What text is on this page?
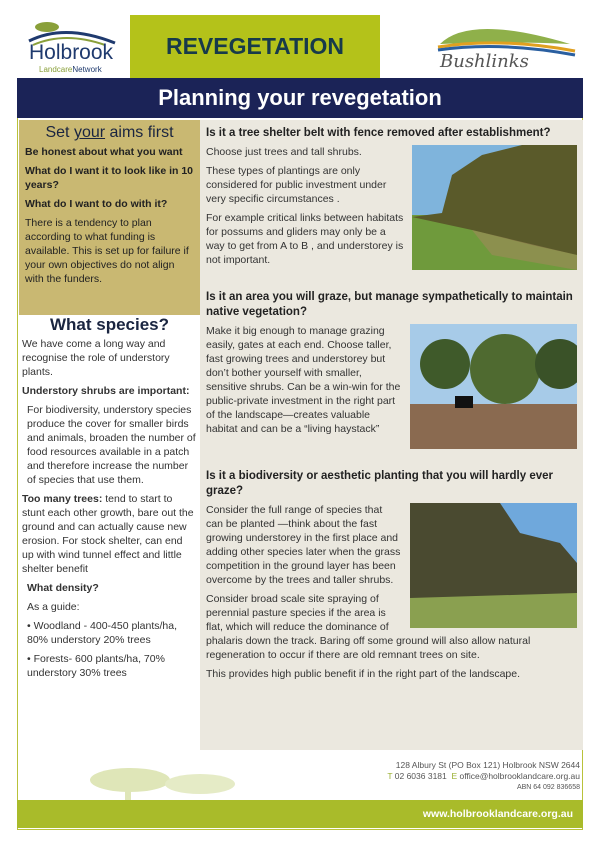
Holbrook
LandcareNetwork
REVEGETATION
Bushlinks
Planning your revegetation
Set your aims first

Be honest about what you want

What do I want it to look like in 10 years?

What do I want to do with it?

There is a tendency to plan according to what funding is available. This is set up for failure if your own objectives do not align with the funders.

What species?

We have come a long way and recognise the role of understory plants.

Understory shrubs are important:

For biodiversity, understory species produce the cover for smaller birds and animals, broaden the number of food resources available in a patch and therefore increase the number of species that use them.

Too many trees: tend to start to stunt each other growth, bare out the ground and can actually cause new erosion. For stock shelter, can end up with wind tunnel effect and little shelter benefit

What density?

As a guide:

• Woodland - 400-450 plants/ha, 80% understory 20% trees

• Forests- 600 plants/ha, 70% understory 30% trees

Is it a tree shelter belt with fence removed after establishment?

Choose just trees and tall shrubs.

These types of plantings are only considered for public investment under very specific circumstances .

For example critical links between habitats for possums and gliders may only be a way to get from A to B , and understorey is not important.

Is it an area you will graze, but manage sympathetically to maintain native vegetation?

Make it big enough to manage grazing easily, gates at each end. Choose taller, fast growing trees and understorey but don’t bother yourself with smaller, sensitive shrubs. Can be a win-win for the public-private investment in the right part of the landscape—creates valuable habitat and can be a “living haystack”

Is it a biodiversity or aesthetic planting that you will hardly ever graze?

Consider the full range of species that can be planted —think about the fast growing understorey in the first place and adding other species later when the grass competition in the ground layer has been overcome by the trees and taller shrubs.

Consider broad scale site spraying of perennial pasture species if the area is flat, which will reduce the dominance of phalaris down the track. Baring off some ground will also allow natural regeneration to occur if there are old remnant trees on site.

This provides high public benefit if in the right part of the landscape.

128 Albury St (PO Box 121) Holbrook NSW 2644
T 02 6036 3181 E office@holbrooklandcare.org.au
ABN 64 092 836658
www.holbrooklandcare.org.au
